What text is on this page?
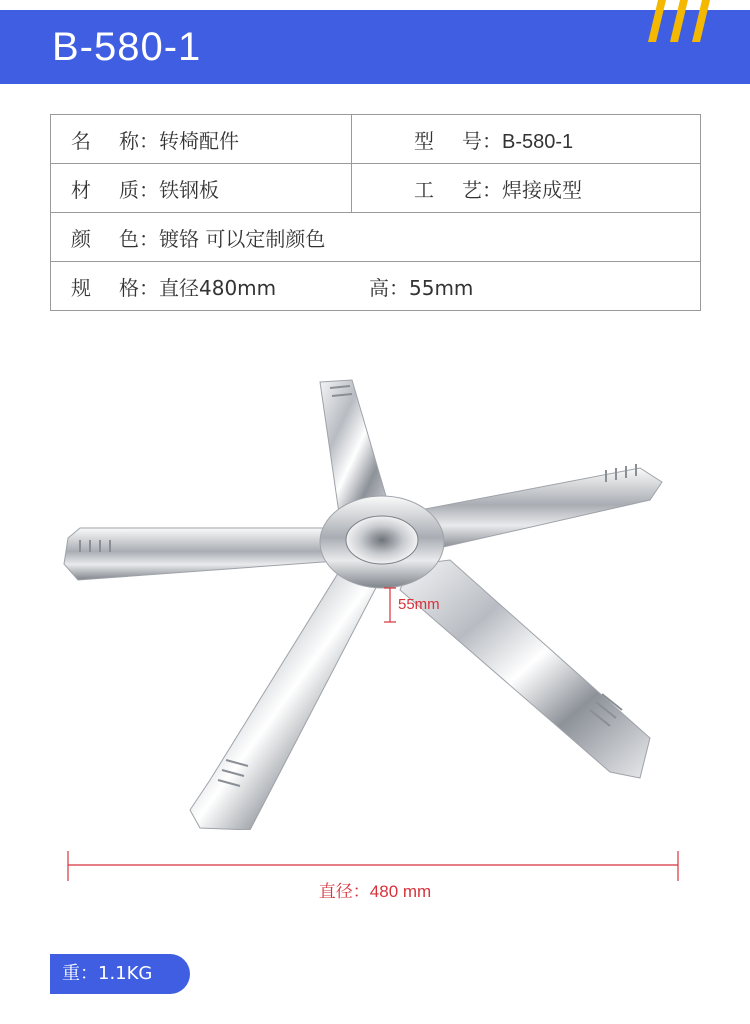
B-580-1
名 称：转椅配件	型 号：B-580-1
材 质：铁钢板	工 艺：焊接成型
颜 色：镀铬 可以定制颜色	
规 格：直径480mm 高：55mm	
55mm
直径：480 mm
重：1.1KG
